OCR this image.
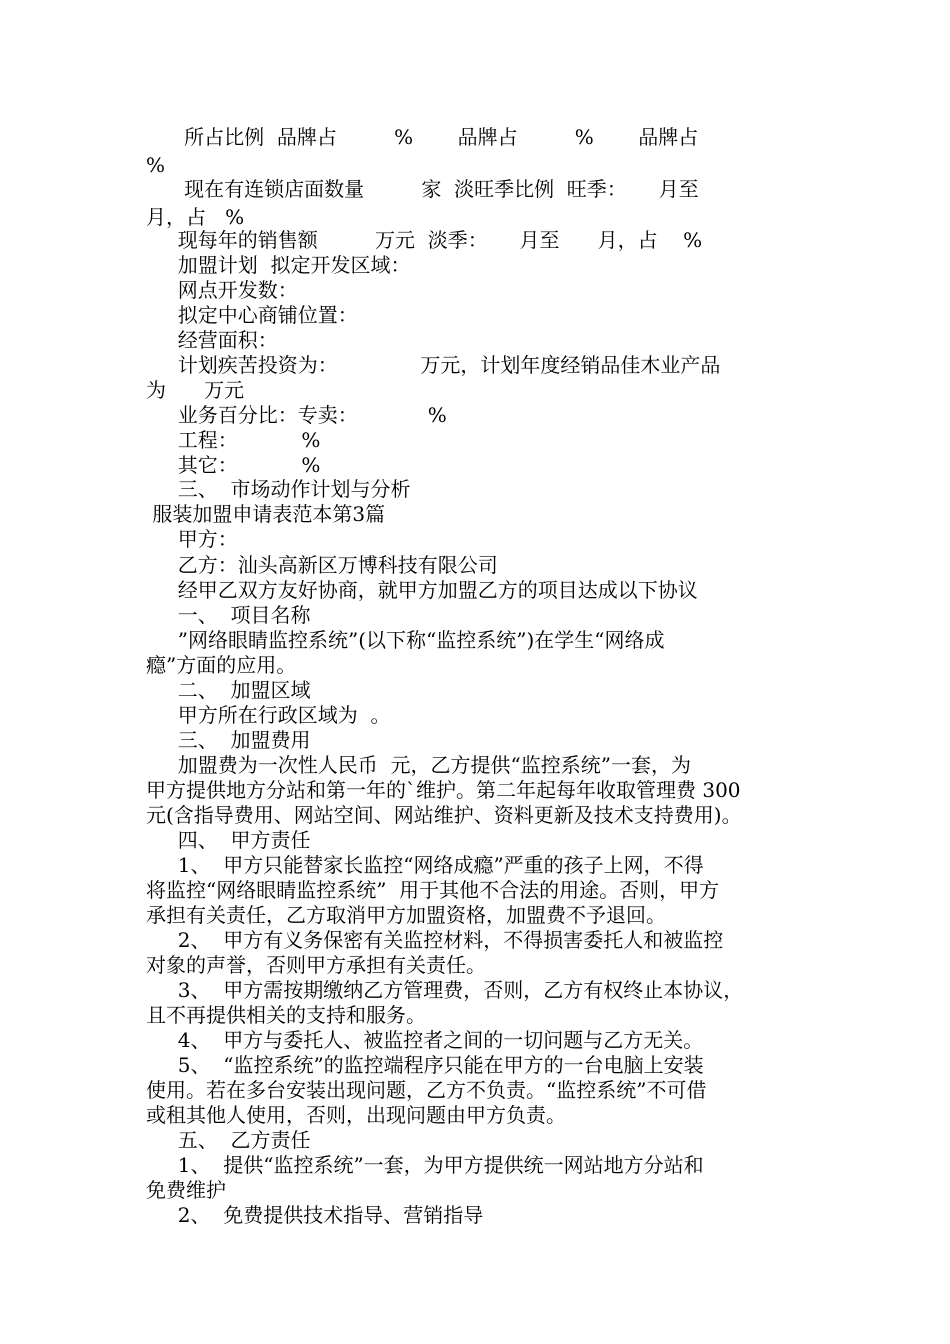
所占比例  品牌占         %       品牌占         %       品牌占
%
现在有连锁店面数量         家  淡旺季比例  旺季：     月至
月，占   %
现每年的销售额         万元  淡季：     月至      月，占    %
加盟计划  拟定开发区域：
网点开发数：
拟定中心商铺位置：
经营面积：
计划疾苦投资为：             万元，计划年度经销品佳木业产品
为      万元
业务百分比：专卖：           %
工程：          %
其它：          %
三、  市场动作计划与分析
服装加盟申请表范本第3篇
甲方：
乙方：汕头高新区万博科技有限公司
经甲乙双方友好协商，就甲方加盟乙方的项目达成以下协议
一、  项目名称
”网络眼睛监控系统”(以下称“监控系统”)在学生“网络成
瘾”方面的应用。
二、  加盟区域
甲方所在行政区域为  。
三、  加盟费用
加盟费为一次性人民币  元，乙方提供“监控系统”一套，为
甲方提供地方分站和第一年的`维护。第二年起每年收取管理费 300
元(含指导费用、网站空间、网站维护、资料更新及技术支持费用)。
四、  甲方责任
1、  甲方只能替家长监控“网络成瘾”严重的孩子上网，不得
将监控“网络眼睛监控系统”  用于其他不合法的用途。否则，甲方
承担有关责任，乙方取消甲方加盟资格，加盟费不予退回。
2、  甲方有义务保密有关监控材料，不得损害委托人和被监控
对象的声誉，否则甲方承担有关责任。
3、  甲方需按期缴纳乙方管理费，否则，乙方有权终止本协议，
且不再提供相关的支持和服务。
4、  甲方与委托人、被监控者之间的一切问题与乙方无关。
5、  “监控系统”的监控端程序只能在甲方的一台电脑上安装
使用。若在多台安装出现问题，乙方不负责。“监控系统”不可借
或租其他人使用，否则，出现问题由甲方负责。
五、  乙方责任
1、  提供“监控系统”一套，为甲方提供统一网站地方分站和
免费维护
2、  免费提供技术指导、营销指导
